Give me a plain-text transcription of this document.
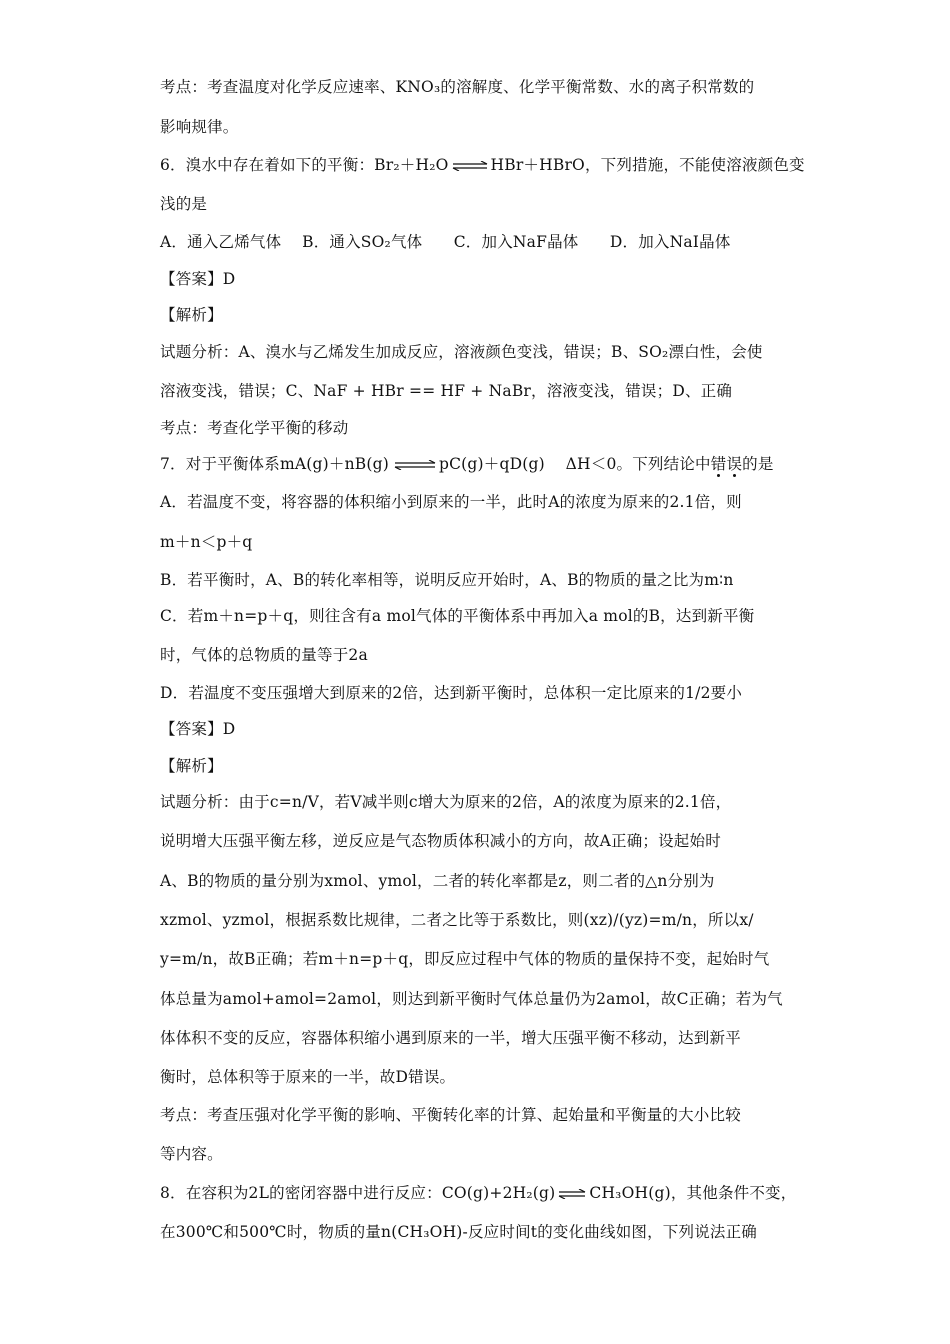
考点：考查温度对化学反应速率、KNO₃的溶解度、化学平衡常数、水的离子积常数的
影响规律。
6．溴水中存在着如下的平衡：Br₂＋H₂O ⇌ HBr＋HBrO，下列措施，不能使溶液颜色变
浅的是
A．通入乙烯气体　 B．通入SO₂气体　　C．加入NaF晶体　　D．加入NaI晶体
【答案】D
【解析】
试题分析：A、溴水与乙烯发生加成反应，溶液颜色变浅，错误；B、SO₂漂白性，会使
溶液变浅，错误；C、NaF + HBr == HF + NaBr，溶液变浅，错误；D、正确
考点：考查化学平衡的移动
7．对于平衡体系mA(g)＋nB(g) ⇌ pC(g)＋qD(g)　 ΔH＜0。下列结论中错误的是
A．若温度不变，将容器的体积缩小到原来的一半，此时A的浓度为原来的2.1倍，则
m＋n＜p＋q
B．若平衡时，A、B的转化率相等，说明反应开始时，A、B的物质的量之比为m∶n
C．若m＋n=p＋q，则往含有a mol气体的平衡体系中再加入a mol的B，达到新平衡
时，气体的总物质的量等于2a
D．若温度不变压强增大到原来的2倍，达到新平衡时，总体积一定比原来的1/2要小
【答案】D
【解析】
试题分析：由于c=n/V，若V减半则c增大为原来的2倍，A的浓度为原来的2.1倍，
说明增大压强平衡左移，逆反应是气态物质体积减小的方向，故A正确；设起始时
A、B的物质的量分别为xmol、ymol，二者的转化率都是z，则二者的△n分别为
xzmol、yzmol，根据系数比规律，二者之比等于系数比，则(xz)/(yz)=m/n，所以x/
y=m/n，故B正确；若m＋n=p＋q，即反应过程中气体的物质的量保持不变，起始时气
体总量为amol+amol=2amol，则达到新平衡时气体总量仍为2amol，故C正确；若为气
体体积不变的反应，容器体积缩小遇到原来的一半，增大压强平衡不移动，达到新平
衡时，总体积等于原来的一半，故D错误。
考点：考查压强对化学平衡的影响、平衡转化率的计算、起始量和平衡量的大小比较
等内容。
8．在容积为2L的密闭容器中进行反应：CO(g)+2H₂(g) ⇌ CH₃OH(g)，其他条件不变，
在300℃和500℃时，物质的量n(CH₃OH)-反应时间t的变化曲线如图，下列说法正确
